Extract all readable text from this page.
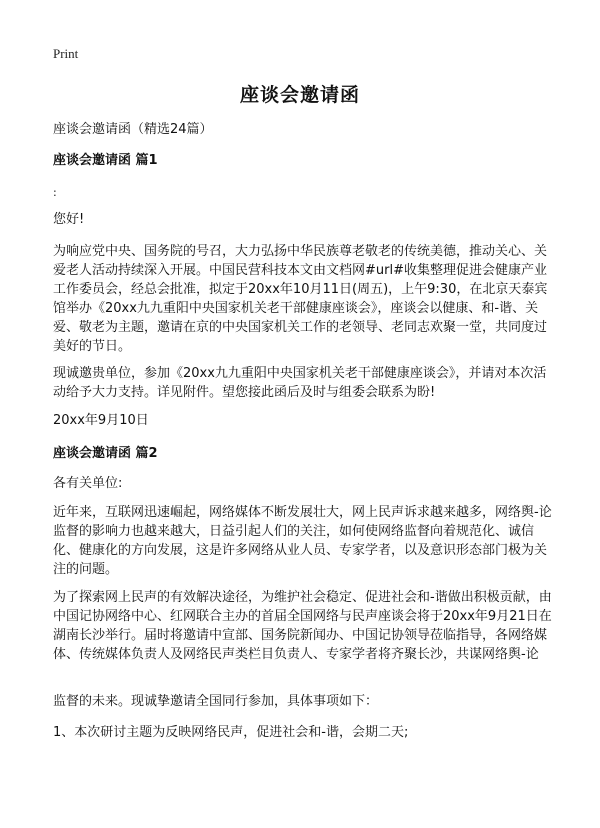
Print
座谈会邀请函
座谈会邀请函（精选24篇）
座谈会邀请函 篇1
:
您好!
为响应党中央、国务院的号召，大力弘扬中华民族尊老敬老的传统美德，推动关心、关爱老人活动持续深入开展。中国民营科技本文由文档网#url#收集整理促进会健康产业工作委员会，经总会批准，拟定于20xx年10月11日(周五)，上午9:30，在北京天泰宾馆举办《20xx九九重阳中央国家机关老干部健康座谈会》，座谈会以健康、和-谐、关爱、敬老为主题，邀请在京的中央国家机关工作的老领导、老同志欢聚一堂，共同度过美好的节日。
现诚邀贵单位，参加《20xx九九重阳中央国家机关老干部健康座谈会》，并请对本次活动给予大力支持。详见附件。望您接此函后及时与组委会联系为盼!
20xx年9月10日
座谈会邀请函 篇2
各有关单位:
近年来，互联网迅速崛起，网络媒体不断发展壮大，网上民声诉求越来越多，网络舆-论监督的影响力也越来越大，日益引起人们的关注，如何使网络监督向着规范化、诚信化、健康化的方向发展，这是许多网络从业人员、专家学者，以及意识形态部门极为关注的问题。
为了探索网上民声的有效解决途径，为维护社会稳定、促进社会和-谐做出积极贡献，由中国记协网络中心、红网联合主办的首届全国网络与民声座谈会将于20xx年9月21日在湖南长沙举行。届时将邀请中宣部、国务院新闻办、中国记协领导莅临指导，各网络媒体、传统媒体负责人及网络民声类栏目负责人、专家学者将齐聚长沙，共谋网络舆-论
监督的未来。现诚挚邀请全国同行参加，具体事项如下：
1、本次研讨主题为反映网络民声，促进社会和-谐，会期二天;
